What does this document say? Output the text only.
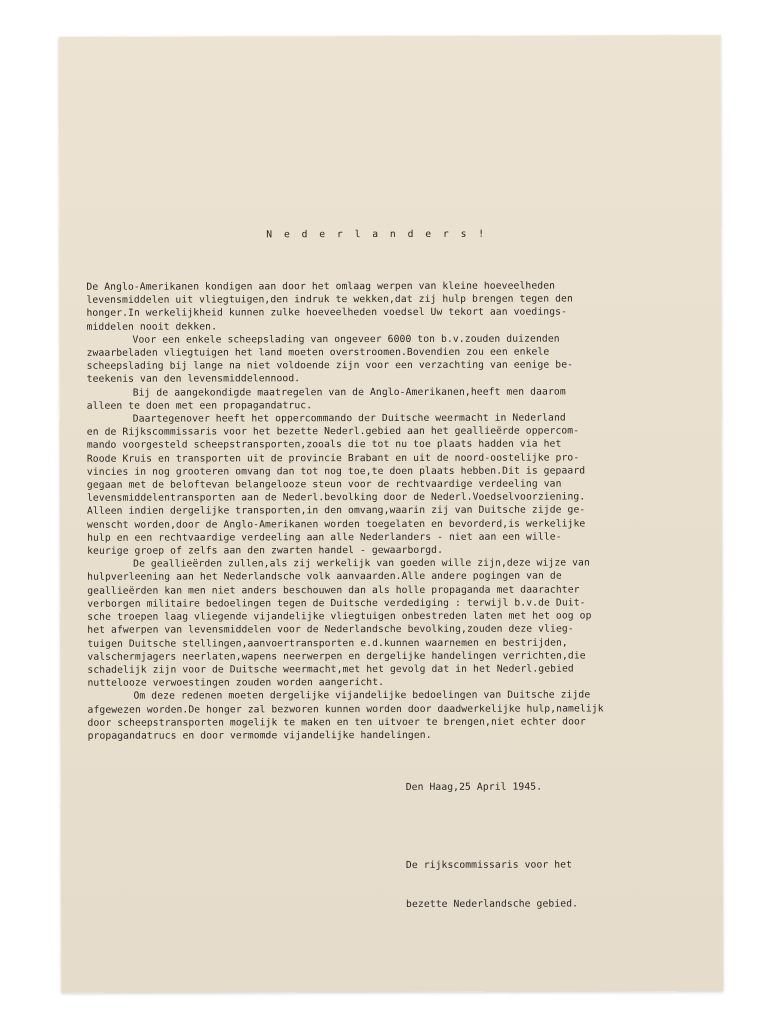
N e d e r l a n d e r s !

De Anglo-Amerikanen kondigen aan door het omlaag werpen van kleine hoeveelheden
levensmiddelen uit vliegtuigen,den indruk te wekken,dat zij hulp brengen tegen den
honger.In werkelijkheid kunnen zulke hoeveelheden voedsel Uw tekort aan voedings-
middelen nooit dekken.
Voor een enkele scheepslading van ongeveer 6000 ton b.v.zouden duizenden
zwaarbeladen vliegtuigen het land moeten overstroomen.Bovendien zou een enkele
scheepslading bij lange na niet voldoende zijn voor een verzachting van eenige be-
teekenis van den levensmiddelennood.
Bij de aangekondigde maatregelen van de Anglo-Amerikanen,heeft men daarom
alleen te doen met een propagandatruc.
Daartegenover heeft het oppercommando der Duitsche weermacht in Nederland
en de Rijkscommissaris voor het bezette Nederl.gebied aan het geallieërde oppercom-
mando voorgesteld scheepstransporten,zooals die tot nu toe plaats hadden via het
Roode Kruis en transporten uit de provincie Brabant en uit de noord-oostelijke pro-
vincies in nog grooteren omvang dan tot nog toe,te doen plaats hebben.Dit is gepaard
gegaan met de beloftevan belangelooze steun voor de rechtvaardige verdeeling van
levensmiddelentransporten aan de Nederl.bevolking door de Nederl.Voedselvoorziening.
Alleen indien dergelijke transporten,in den omvang,waarin zij van Duitsche zijde ge-
wenscht worden,door de Anglo-Amerikanen worden toegelaten en bevorderd,is werkelijke
hulp en een rechtvaardige verdeeling aan alle Nederlanders - niet aan een wille-
keurige groep of zelfs aan den zwarten handel - gewaarborgd.
De geallieërden zullen,als zij werkelijk van goeden wille zijn,deze wijze van
hulpverleening aan het Nederlandsche volk aanvaarden.Alle andere pogingen van de
geallieërden kan men niet anders beschouwen dan als holle propaganda met daarachter
verborgen militaire bedoelingen tegen de Duitsche verdediging : terwijl b.v.de Duit-
sche troepen laag vliegende vijandelijke vliegtuigen onbestreden laten met het oog op
het afwerpen van levensmiddelen voor de Nederlandsche bevolking,zouden deze vlieg-
tuigen Duitsche stellingen,aanvoertransporten e.d.kunnen waarnemen en bestrijden,
valschermjagers neerlaten,wapens neerwerpen en dergelijke handelingen verrichten,die
schadelijk zijn voor de Duitsche weermacht,met het gevolg dat in het Nederl.gebied
nuttelooze verwoestingen zouden worden aangericht.
Om deze redenen moeten dergelijke vijandelijke bedoelingen van Duitsche zijde
afgewezen worden.De honger zal bezworen kunnen worden door daadwerkelijke hulp,namelijk
door scheepstransporten mogelijk te maken en ten uitvoer te brengen,niet echter door
propagandatrucs en door vermomde vijandelijke handelingen.

Den Haag,25 April 1945.

De rijkscommissaris voor het

bezette Nederlandsche gebied.
